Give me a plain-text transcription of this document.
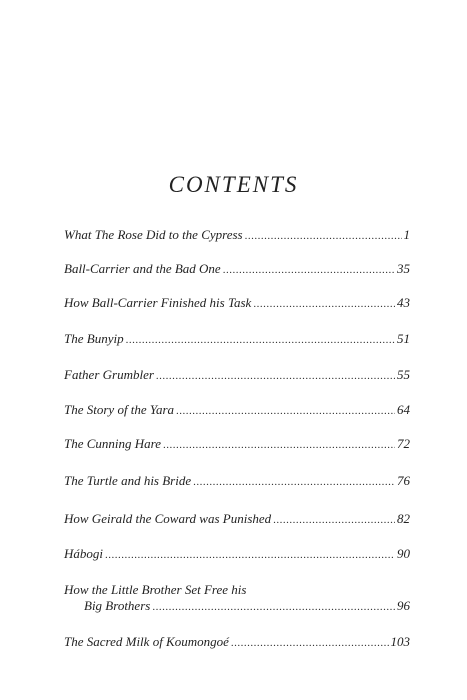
CONTENTS
What The Rose Did to the Cypress .....	1
Ball-Carrier and the Bad One .....	35
How Ball-Carrier Finished his Task .....	43
The Bunyip .....	51
Father Grumbler .....	55
The Story of the Yara .....	64
The Cunning Hare .....	72
The Turtle and his Bride .....	76
How Geirald the Coward was Punished .....	82
Hábogi .....	90
How the Little Brother Set Free his
Big Brothers .....	96
The Sacred Milk of Koumongoé .....	103
